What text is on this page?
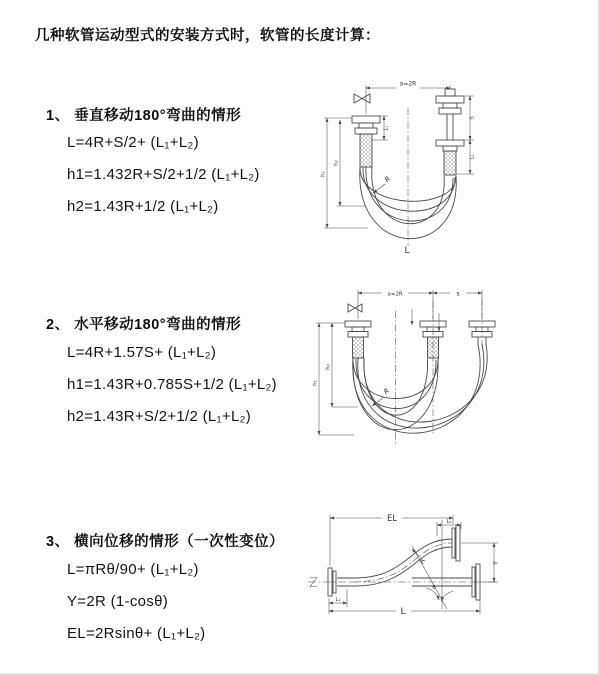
几种软管运动型式的安装方式时，软管的长度计算：
1、 垂直移动180°弯曲的情形
L=4R+S/2+ (L₁+L₂)
h1=1.432R+S/2+1/2 (L₁+L₂)
h2=1.43R+1/2 (L₁+L₂)
2、 水平移动180°弯曲的情形
L=4R+1.57S+ (L₁+L₂)
h1=1.43R+0.785S+1/2 (L₁+L₂)
h2=1.43R+S/2+1/2 (L₁+L₂)
3、 横向位移的情形（一次性变位）
L=πRθ/90+ (L₁+L₂)
Y=2R (1-cosθ)
EL=2Rsinθ+ (L₁+L₂)
a=2R
L₁
S
L₂
h₁
h₂
R
L
a=2R	s
h₁
h₂
R
EL	L₂
Y
R
θ
L
L₁
